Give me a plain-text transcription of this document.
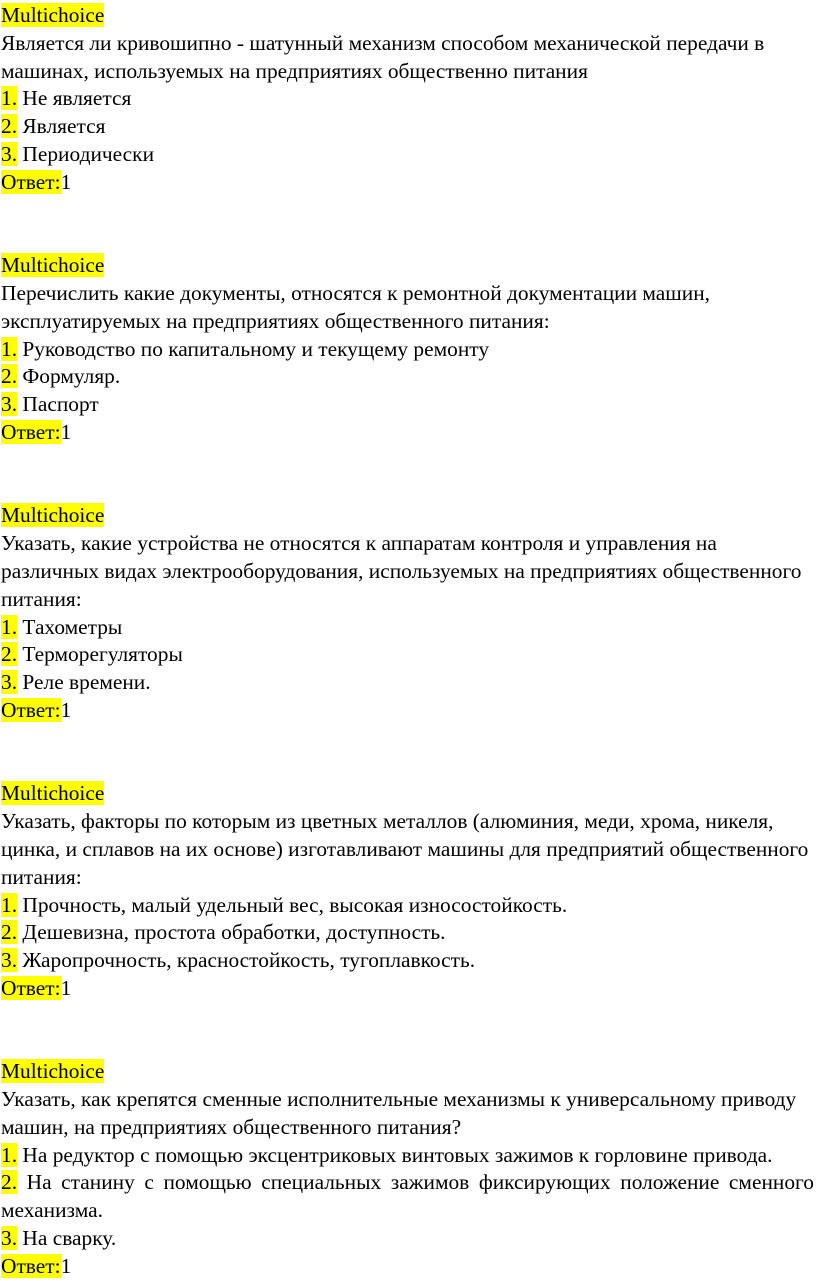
Multichoice
Является ли кривошипно - шатунный механизм способом механической передачи в машинах, используемых на предприятиях общественно питания
1. Не является
2. Является
3. Периодически
Ответ:1
Multichoice
Перечислить какие документы, относятся к ремонтной документации машин, эксплуатируемых на предприятиях общественного питания:
1. Руководство по капитальному и текущему ремонту
2. Формуляр.
3. Паспорт
Ответ:1
Multichoice
Указать, какие устройства не относятся к аппаратам контроля и управления на различных видах электрооборудования, используемых на предприятиях общественного питания:
1. Тахометры
2. Терморегуляторы
3. Реле времени.
Ответ:1
Multichoice
Указать, факторы по которым из цветных металлов (алюминия, меди, хрома, никеля, цинка, и сплавов на их основе) изготавливают машины для предприятий общественного питания:
1. Прочность, малый удельный вес, высокая износостойкость.
2. Дешевизна, простота обработки, доступность.
3. Жаропрочность, красностойкость, тугоплавкость.
Ответ:1
Multichoice
Указать, как крепятся сменные исполнительные механизмы к универсальному приводу машин, на предприятиях общественного питания?
1. На редуктор с помощью эксцентриковых винтовых зажимов к горловине привода.
2. На станину с помощью специальных зажимов фиксирующих положение сменного механизма.
3. На сварку.
Ответ:1
